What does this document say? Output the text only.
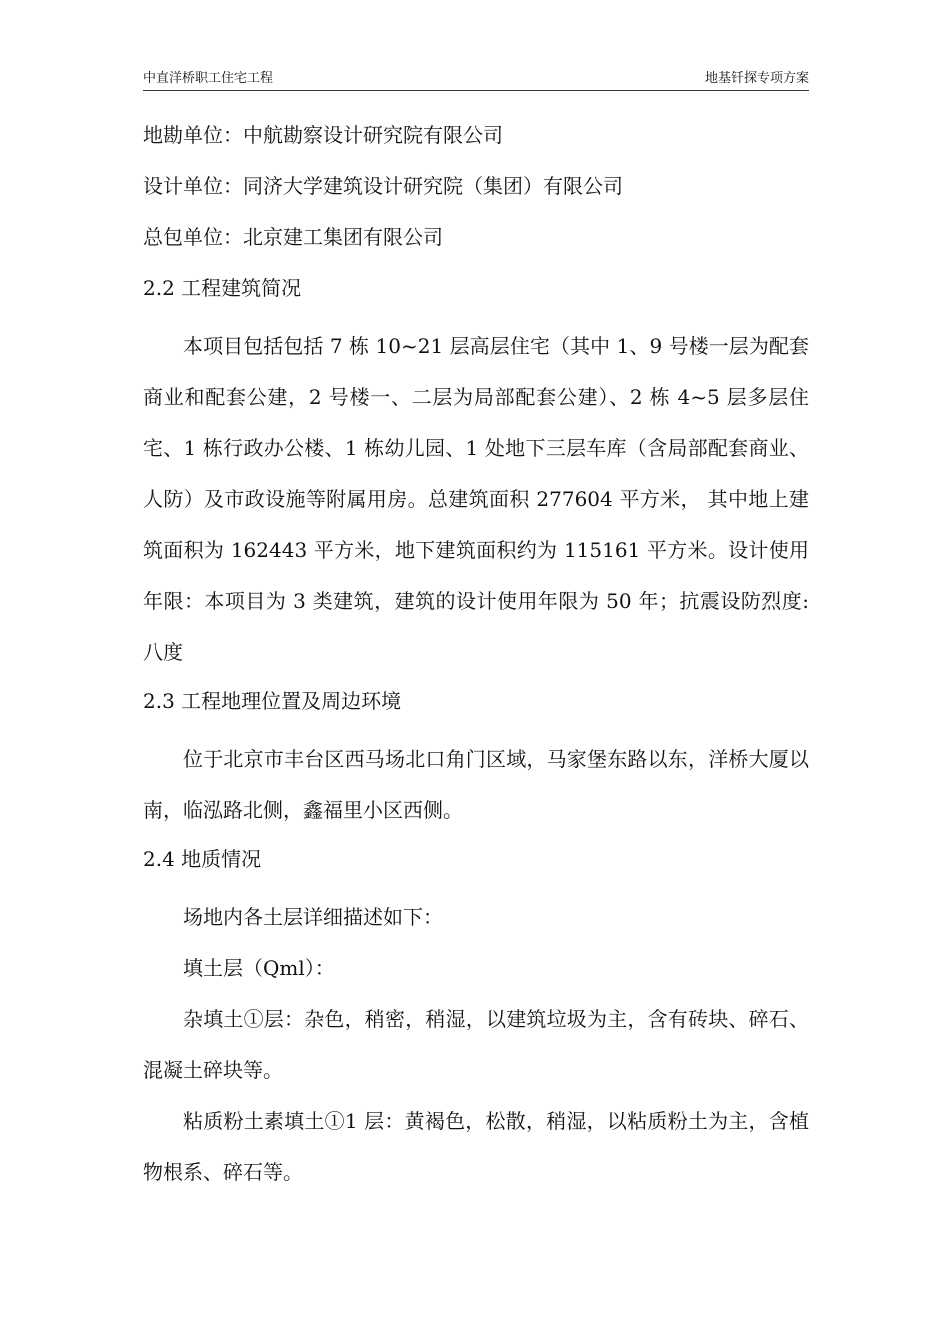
中直洋桥职工住宅工程	地基钎探专项方案
地勘单位：中航勘察设计研究院有限公司
设计单位：同济大学建筑设计研究院（集团）有限公司
总包单位：北京建工集团有限公司
2.2 工程建筑简况

本项目包括包括 7 栋 10~21 层高层住宅（其中 1、9 号楼一层为配套商业和配套公建，2 号楼一、二层为局部配套公建）、2 栋 4~5 层多层住宅、1 栋行政办公楼、1 栋幼儿园、1 处地下三层车库（含局部配套商业、人防）及市政设施等附属用房。总建筑面积 277604 平方米， 其中地上建筑面积为 162443 平方米，地下建筑面积约为 115161 平方米。设计使用年限：本项目为 3 类建筑，建筑的设计使用年限为 50 年；抗震设防烈度:八度

2.3 工程地理位置及周边环境

位于北京市丰台区西马场北口角门区域，马家堡东路以东，洋桥大厦以南，临泓路北侧，鑫福里小区西侧。

2.4 地质情况

场地内各土层详细描述如下：

填土层（Qml）：

杂填土①层：杂色，稍密，稍湿，以建筑垃圾为主，含有砖块、碎石、混凝土碎块等。

粘质粉土素填土①1 层：黄褐色，松散，稍湿，以粘质粉土为主，含植物根系、碎石等。
